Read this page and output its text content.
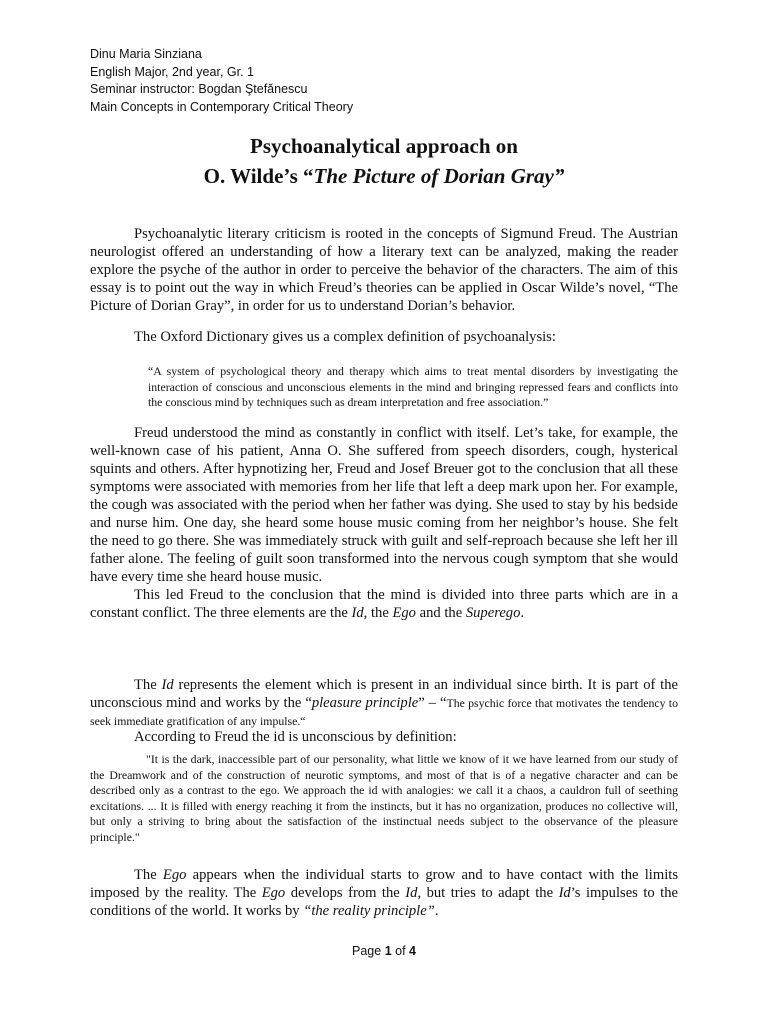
Dinu Maria Sinziana
English Major, 2nd year, Gr. 1
Seminar instructor: Bogdan Ştefănescu
Main Concepts in Contemporary Critical Theory
Psychoanalytical approach on
O. Wilde’s “The Picture of Dorian Gray”
Psychoanalytic literary criticism is rooted in the concepts of Sigmund Freud. The Austrian neurologist offered an understanding of how a literary text can be analyzed, making the reader explore the psyche of the author in order to perceive the behavior of the characters. The aim of this essay is to point out the way in which Freud’s theories can be applied in Oscar Wilde’s novel, “The Picture of Dorian Gray”, in order for us to understand Dorian’s behavior.
The Oxford Dictionary gives us a complex definition of psychoanalysis:
“A system of psychological theory and therapy which aims to treat mental disorders by investigating the interaction of conscious and unconscious elements in the mind and bringing repressed fears and conflicts into the conscious mind by techniques such as dream interpretation and free association.”
Freud understood the mind as constantly in conflict with itself. Let’s take, for example, the well-known case of his patient, Anna O. She suffered from speech disorders, cough, hysterical squints and others. After hypnotizing her, Freud and Josef Breuer got to the conclusion that all these symptoms were associated with memories from her life that left a deep mark upon her. For example, the cough was associated with the period when her father was dying. She used to stay by his bedside and nurse him. One day, she heard some house music coming from her neighbor’s house. She felt the need to go there. She was immediately struck with guilt and self-reproach because she left her ill father alone. The feeling of guilt soon transformed into the nervous cough symptom that she would have every time she heard house music.
This led Freud to the conclusion that the mind is divided into three parts which are in a constant conflict. The three elements are the Id, the Ego and the Superego.
The Id represents the element which is present in an individual since birth. It is part of the unconscious mind and works by the “pleasure principle” – “The psychic force that motivates the tendency to seek immediate gratification of any impulse.“
According to Freud the id is unconscious by definition:
"It is the dark, inaccessible part of our personality, what little we know of it we have learned from our study of the Dreamwork and of the construction of neurotic symptoms, and most of that is of a negative character and can be described only as a contrast to the ego. We approach the id with analogies: we call it a chaos, a cauldron full of seething excitations. ... It is filled with energy reaching it from the instincts, but it has no organization, produces no collective will, but only a striving to bring about the satisfaction of the instinctual needs subject to the observance of the pleasure principle."
The Ego appears when the individual starts to grow and to have contact with the limits imposed by the reality. The Ego develops from the Id, but tries to adapt the Id’s impulses to the conditions of the world. It works by “the reality principle”.
Page 1 of 4
